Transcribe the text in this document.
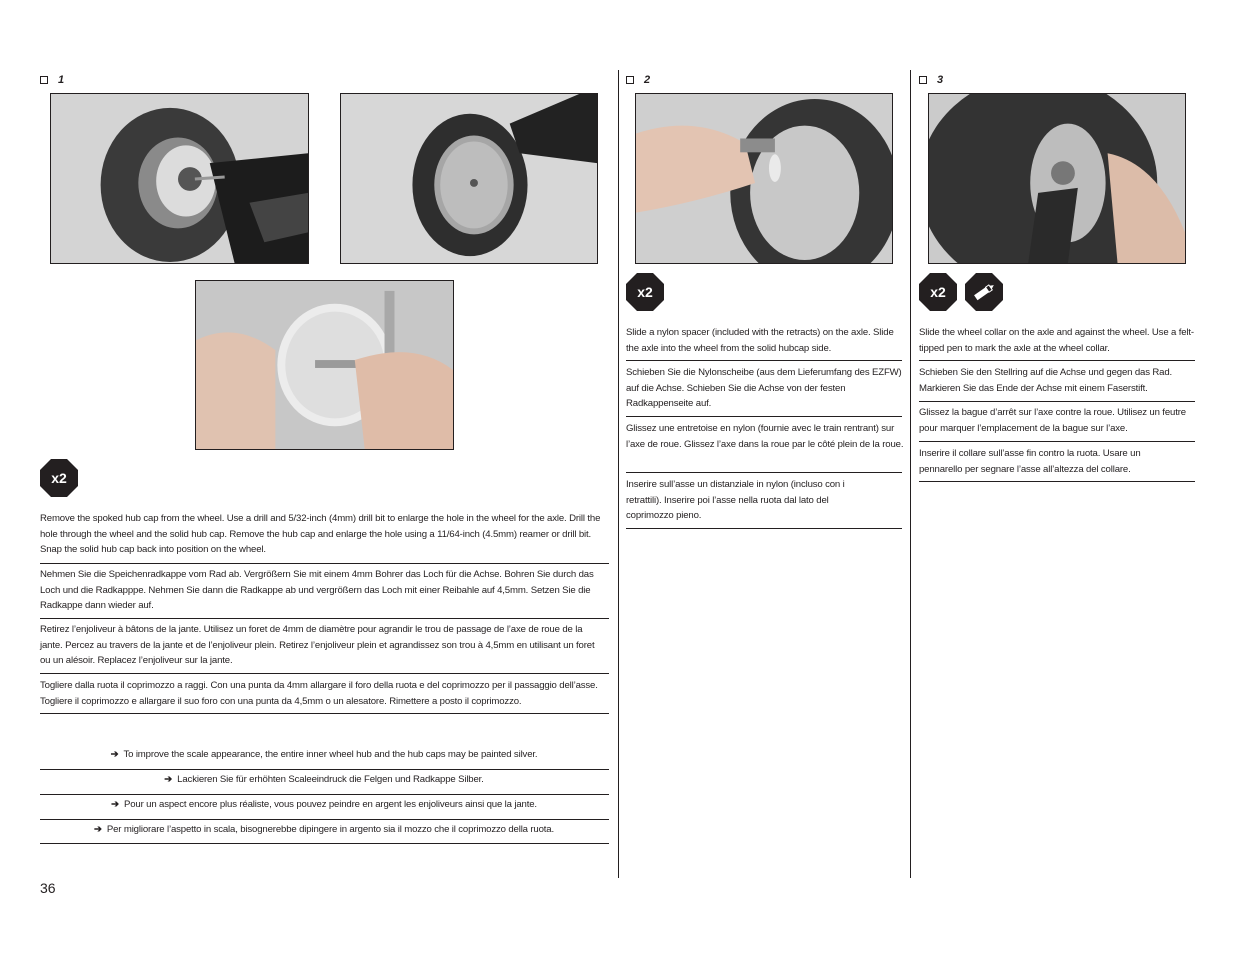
1
x2
Remove the spoked hub cap from the wheel. Use a drill and 5/32-inch (4mm) drill bit to enlarge the hole in the wheel for the axle. Drill the hole through the wheel and the solid hub cap. Remove the hub cap and enlarge the hole using a 11/64-inch (4.5mm) reamer or drill bit. Snap the solid hub cap back into position on the wheel.
Nehmen Sie die Speichenradkappe vom Rad ab. Vergrößern Sie mit einem 4mm Bohrer das Loch für die Achse. Bohren Sie durch das Loch und die Radkapppe. Nehmen Sie dann die Radkappe ab und vergrößern das Loch mit einer Reibahle auf 4,5mm. Setzen Sie die Radkappe dann wieder auf.
Retirez l’enjoliveur à bâtons de la jante. Utilisez un foret de 4mm de diamètre pour agrandir le trou de passage de l’axe de roue de la jante. Percez au travers de la jante et de l’enjoliveur plein. Retirez l’enjoliveur plein et agrandissez son trou à 4,5mm en utilisant un foret ou un alésoir. Replacez l’enjoliveur sur la jante.
Togliere dalla ruota il coprimozzo a raggi. Con una punta da 4mm allargare il foro della ruota e del coprimozzo per il passaggio dell’asse. Togliere il coprimozzo e allargare il suo foro con una punta da 4,5mm o un alesatore. Rimettere a posto il coprimozzo.
➔ To improve the scale appearance, the entire inner wheel hub and the hub caps may be painted silver.
➔ Lackieren Sie für erhöhten Scaleeindruck die Felgen und Radkappe Silber.
➔ Pour un aspect encore plus réaliste, vous pouvez peindre en argent les enjoliveurs ainsi que la jante.
➔ Per migliorare l’aspetto in scala, bisognerebbe dipingere in argento sia il mozzo che il coprimozzo della ruota.
36
2
x2
Slide a nylon spacer (included with the retracts) on the axle. Slide the axle into the wheel from the solid hubcap side.
Schieben Sie die Nylonscheibe (aus dem Lieferumfang des EZFW) auf die Achse. Schieben Sie die Achse von der festen Radkappenseite auf.
Glissez une entretoise en nylon (fournie avec le train rentrant) sur l’axe de roue. Glissez l’axe dans la roue par le côté plein de la roue.
Inserire sull’asse un distanziale in nylon (incluso con i retrattili). Inserire poi l’asse nella ruota dal lato del coprimozzo pieno.
3
x2
Slide the wheel collar on the axle and against the wheel. Use a felt-tipped pen to mark the axle at the wheel collar.
Schieben Sie den Stellring auf die Achse und gegen das Rad. Markieren Sie das Ende der Achse mit einem Faserstift.
Glissez la bague d’arrêt sur l’axe contre la roue. Utilisez un feutre pour marquer l’emplacement de la bague sur l’axe.
Inserire il collare sull’asse fin contro la ruota. Usare un pennarello per segnare l’asse all’altezza del collare.
